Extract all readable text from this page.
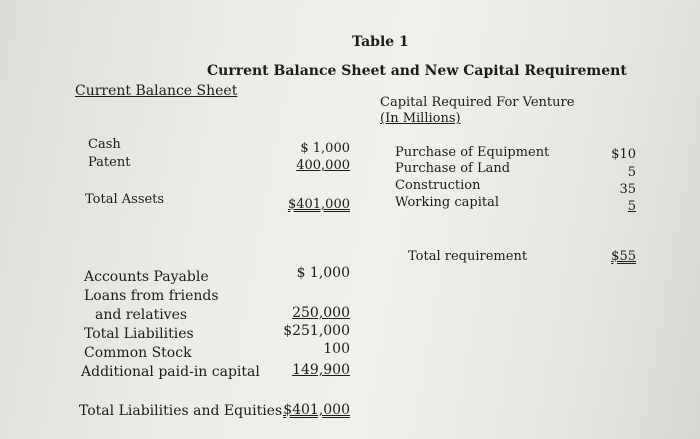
Table 1
Current Balance Sheet and New Capital Requirement
Current Balance Sheet
Capital Required For Venture
(In Millions)
Cash	$ 1,000
Patent	400,000
Total Assets	$401,000
Purchase of Equipment	$10
Purchase of Land	5
Construction	35
Working capital	5
Total requirement	$55
Accounts Payable	$ 1,000
Loans from friends
and relatives	250,000
Total Liabilities	$251,000
Common Stock	100
Additional paid-in capital	149,900
Total Liabilities and Equities $401,000
